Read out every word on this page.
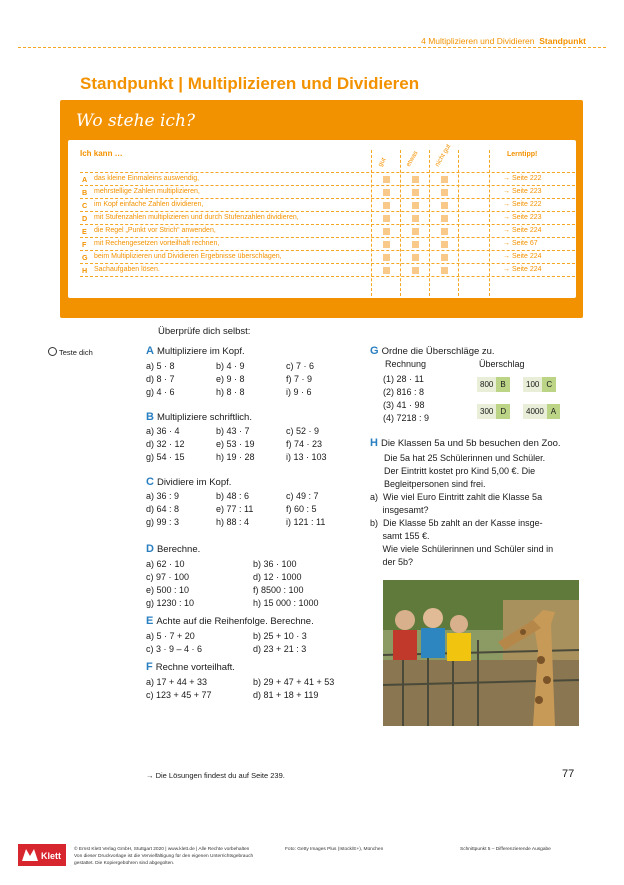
4 Multiplizieren und Dividieren Standpunkt
Standpunkt | Multiplizieren und Dividieren
Wo stehe ich?
Ich kann …
gut	etwas nicht gut	Lerntipp!
A das kleine Einmaleins auswendig,	→ Seite 222
B mehrstellige Zahlen multiplizieren,	→ Seite 223
C im Kopf einfache Zahlen dividieren,	→ Seite 222
D mit Stufenzahlen multiplizieren und durch Stufenzahlen dividieren,	→ Seite 223
E	die Regel „Punkt vor Strich“ anwenden,	→ Seite 224
F	mit Rechengesetzen vorteilhaft rechnen,	→ Seite 67
G beim Multiplizieren und Dividieren Ergebnisse überschlagen,	→ Seite 224
H Sachaufgaben lösen.	→ Seite 224
Überprüfe dich selbst:
Teste dich	A Multipliziere im Kopf.
a) 5 · 8	b) 4 · 9	c) 7 · 6
d) 8 · 7	e) 9 · 8	f) 7 · 9
g) 4 · 6	h) 8 · 8	i) 9 · 6
B Multipliziere schriftlich.
a) 36 · 4	b) 43 · 7	c) 52 · 9
d) 32 · 12	e) 53 · 19	f) 74 · 23
g) 54 · 15	h) 19 · 28	i) 13 · 103
C Dividiere im Kopf.
a) 36 : 9	b) 48 : 6	c) 49 : 7
d) 64 : 8	e) 77 : 11	f) 60 : 5
g) 99 : 3	h) 88 : 4	i) 121 : 11
D Berechne.
a) 62 · 10	b) 36 · 100
c) 97 · 100	d) 12 · 1000
e) 500 : 10	f) 8500 : 100
g) 1230 : 10	h) 15 000 : 1000
E Achte auf die Reihenfolge. Berechne.
a) 5 · 7 + 20	b) 25 + 10 · 3
c) 3 · 9 – 4 · 6	d) 23 + 21 : 3
F Rechne vorteilhaft.
a) 17 + 44 + 33	b) 29 + 47 + 41 + 53
c) 123 + 45 + 77	d) 81 + 18 + 119
G Ordne die Überschläge zu.
Rechnung	Überschlag
(1) 28 · 11
(2) 816 : 8
(3) 41 · 98
(4) 7218 : 9
800 B	100 C
300 D	4000 A
H Die Klassen 5a und 5b besuchen den Zoo.
Die 5a hat 25 Schülerinnen und Schüler.
Der Eintritt kostet pro Kind 5,00 €. Die
Begleitpersonen sind frei.
a)  Wie viel Euro Eintritt zahlt die Klasse 5a
insgesamt?
b)  Die Klasse 5b zahlt an der Kasse insge-
samt 155 €.
Wie viele Schülerinnen und Schüler sind in
der 5b?
→ Die Lösungen findest du auf Seite 239.	77
Klett
© Ernst Klett Verlag GmbH, Stuttgart 2020 | www.klett.de | Alle Rechte vorbehalten
Von dieser Druckvorlage ist die Vervielfältigung für den eigenen Unterrichtsgebrauch
gestattet. Die Kopiergebühren sind abgegolten.
Foto: Getty Images Plus (Istock/E+), München	Schnittpunkt 5 – Differenzierende Ausgabe
